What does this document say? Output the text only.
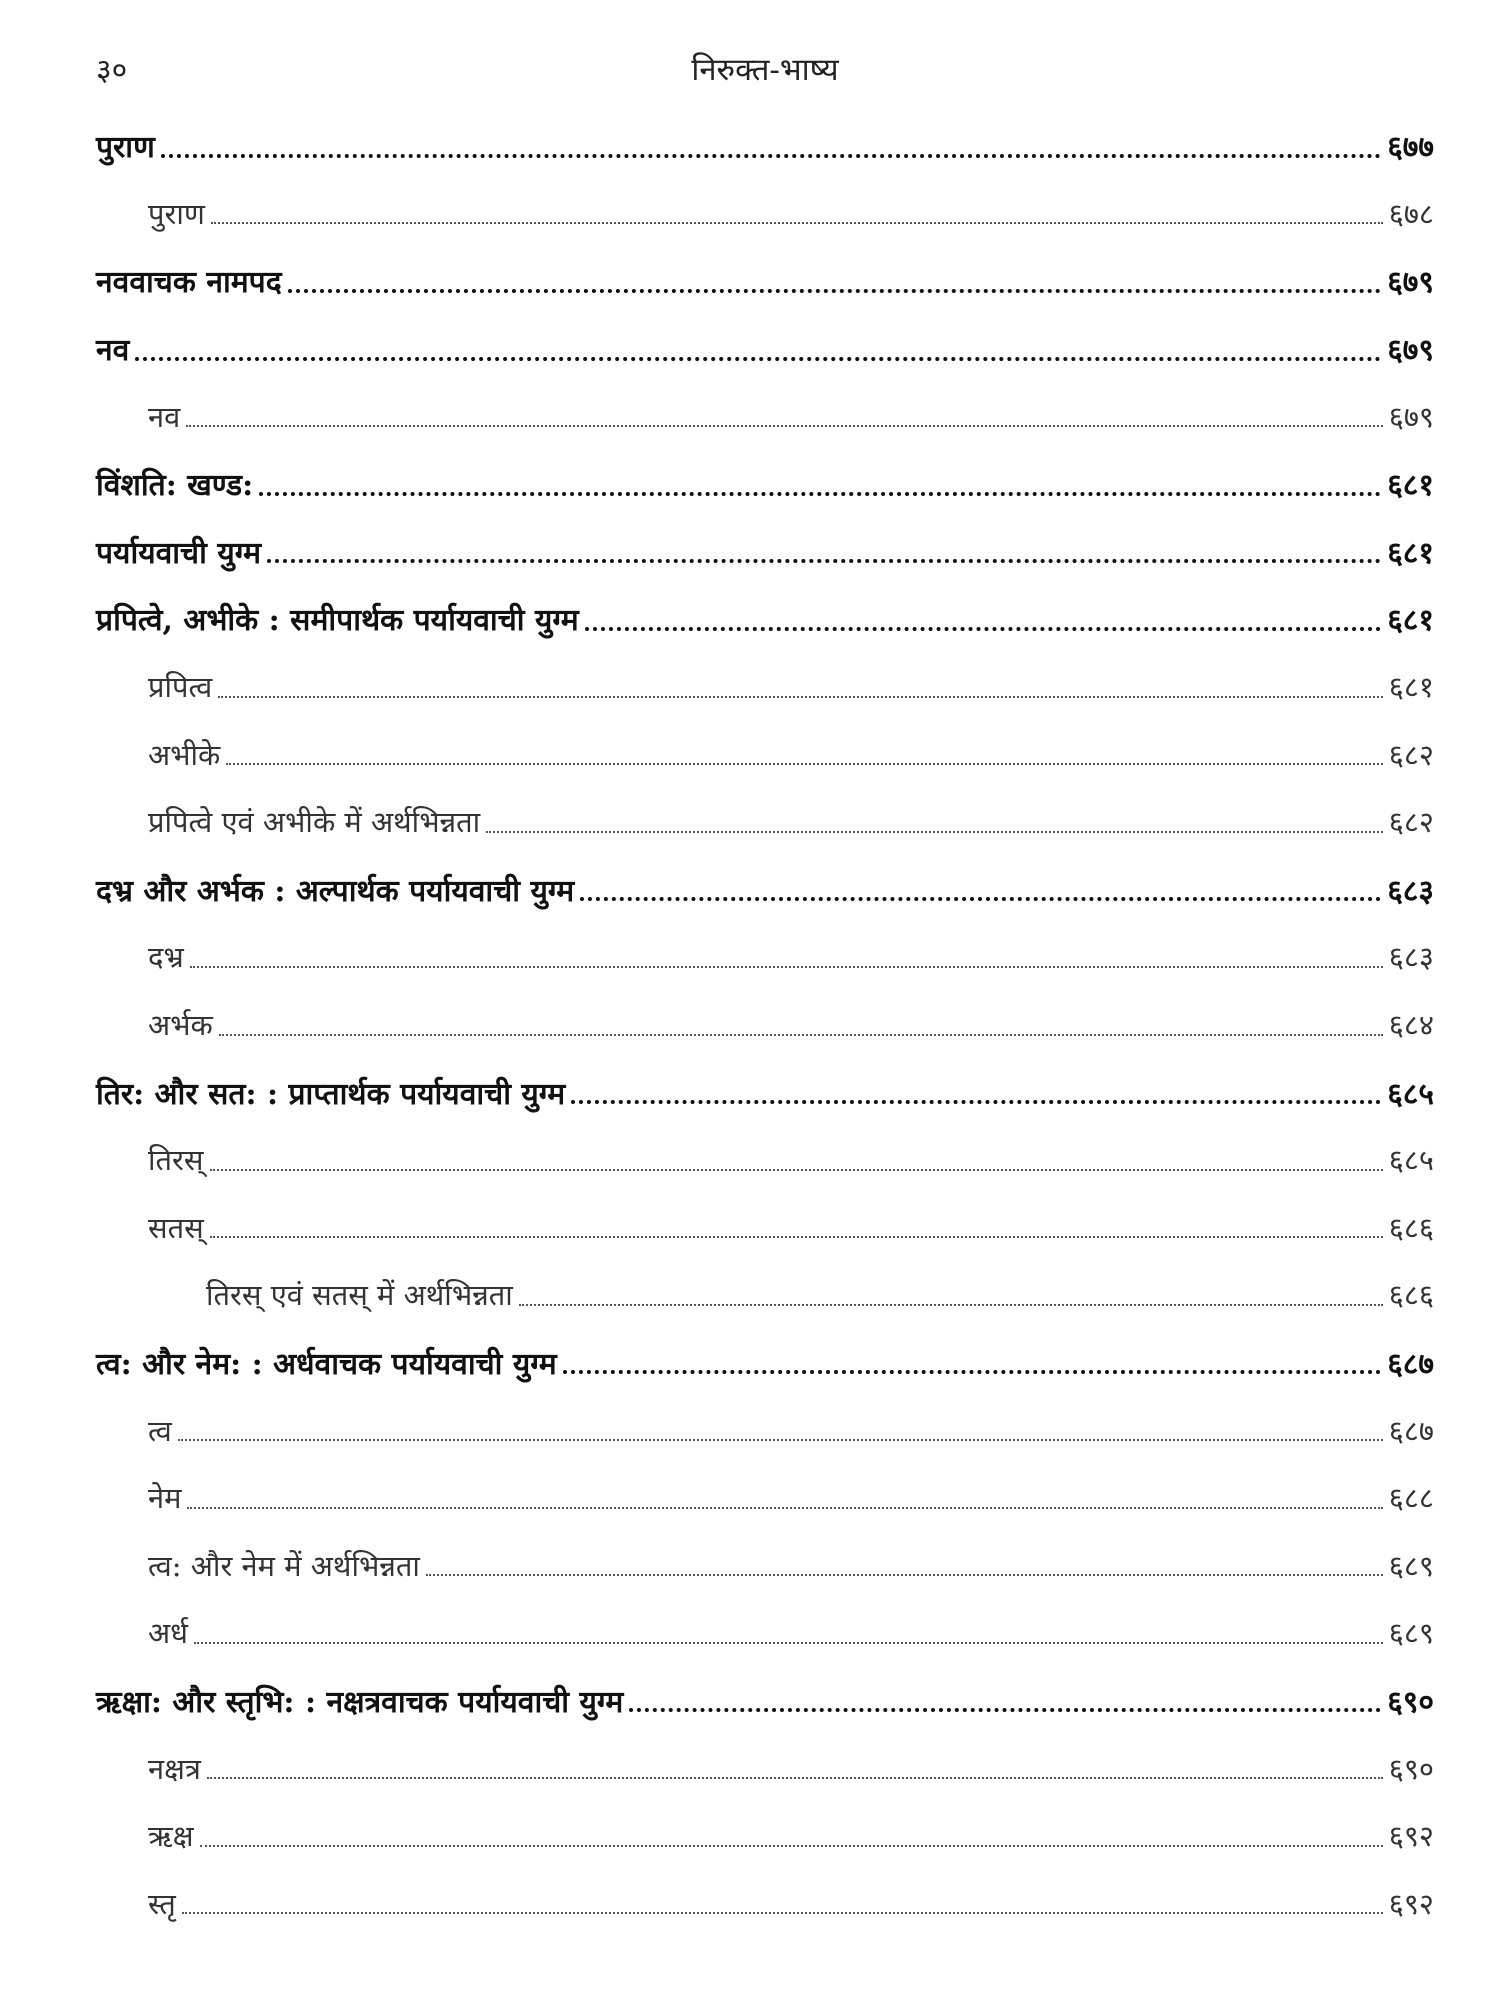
३०	निरुक्त-भाष्य
पुराण	६७७
पुराण	६७८
नववाचक नामपद	६७९
नव	६७९
नव	६७९
विंशति: खण्ड:	६८१
पर्यायवाची युग्म	६८१
प्रपित्वे, अभीके : समीपार्थक पर्यायवाची युग्म	६८१
प्रपित्व	६८१
अभीके	६८२
प्रपित्वे एवं अभीके में अर्थभिन्नता	६८२
दभ्र और अर्भक : अल्पार्थक पर्यायवाची युग्म	६८३
दभ्र	६८३
अर्भक	६८४
तिर: और सत: : प्राप्तार्थक पर्यायवाची युग्म	६८५
तिरस्	६८५
सतस्	६८६
तिरस् एवं सतस् में अर्थभिन्नता	६८६
त्व: और नेम: : अर्धवाचक पर्यायवाची युग्म	६८७
त्व	६८७
नेम	६८८
त्व: और नेम में अर्थभिन्नता	६८९
अर्ध	६८९
ऋक्षा: और स्तृभि: : नक्षत्रवाचक पर्यायवाची युग्म	६९०
नक्षत्र	६९०
ऋक्ष	६९२
स्तृ	६९२
